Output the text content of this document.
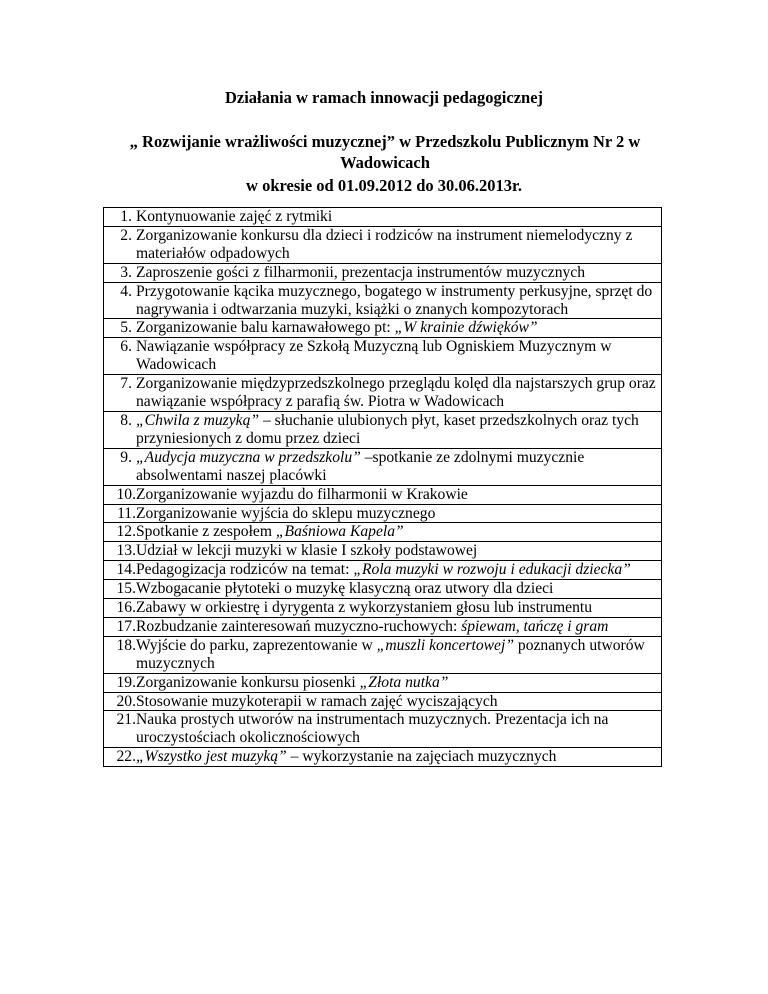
Działania w ramach innowacji pedagogicznej
„ Rozwijanie wrażliwości muzycznej” w Przedszkolu Publicznym Nr 2 w Wadowicach
w okresie od 01.09.2012 do 30.06.2013r.
1. Kontynuowanie zajęć z rytmiki
2. Zorganizowanie konkursu dla dzieci i rodziców na instrument niemelodyczny z materiałów odpadowych
3. Zaproszenie gości z filharmonii, prezentacja instrumentów muzycznych
4. Przygotowanie kącika muzycznego, bogatego w instrumenty perkusyjne, sprzęt do nagrywania i odtwarzania muzyki, książki o znanych kompozytorach
5. Zorganizowanie balu karnawałowego pt: „W krainie dźwięków”
6. Nawiązanie współpracy ze Szkołą Muzyczną lub Ogniskiem Muzycznym w Wadowicach
7. Zorganizowanie międzyprzedszkolnego przeglądu kolęd dla najstarszych grup oraz nawiązanie współpracy z parafią św. Piotra w Wadowicach
8. „Chwila z muzyką” – słuchanie ulubionych płyt, kaset przedszkolnych oraz tych przyniesionych z domu przez dzieci
9. „Audycja muzyczna w przedszkolu” –spotkanie ze zdolnymi muzycznie absolwentami naszej placówki
10. Zorganizowanie wyjazdu do filharmonii w Krakowie
11. Zorganizowanie wyjścia do sklepu muzycznego
12. Spotkanie z zespołem „Baśniowa Kapela”
13. Udział w lekcji muzyki w klasie I szkoły podstawowej
14. Pedagogizacja rodziców na temat: „Rola muzyki w rozwoju i edukacji dziecka”
15. Wzbogacanie płytoteki o muzykę klasyczną oraz utwory dla dzieci
16. Zabawy w orkiestrę i dyrygenta z wykorzystaniem głosu lub instrumentu
17. Rozbudzanie zainteresowań muzyczno-ruchowych: śpiewam, tańczę i gram
18. Wyjście do parku, zaprezentowanie w „muszli koncertowej” poznanych utworów muzycznych
19. Zorganizowanie konkursu piosenki „Złota nutka”
20. Stosowanie muzykoterapii w ramach zajęć wyciszających
21. Nauka prostych utworów na instrumentach muzycznych. Prezentacja ich na uroczystościach okolicznościowych
22. „Wszystko jest muzyką” – wykorzystanie na zajęciach muzycznych
